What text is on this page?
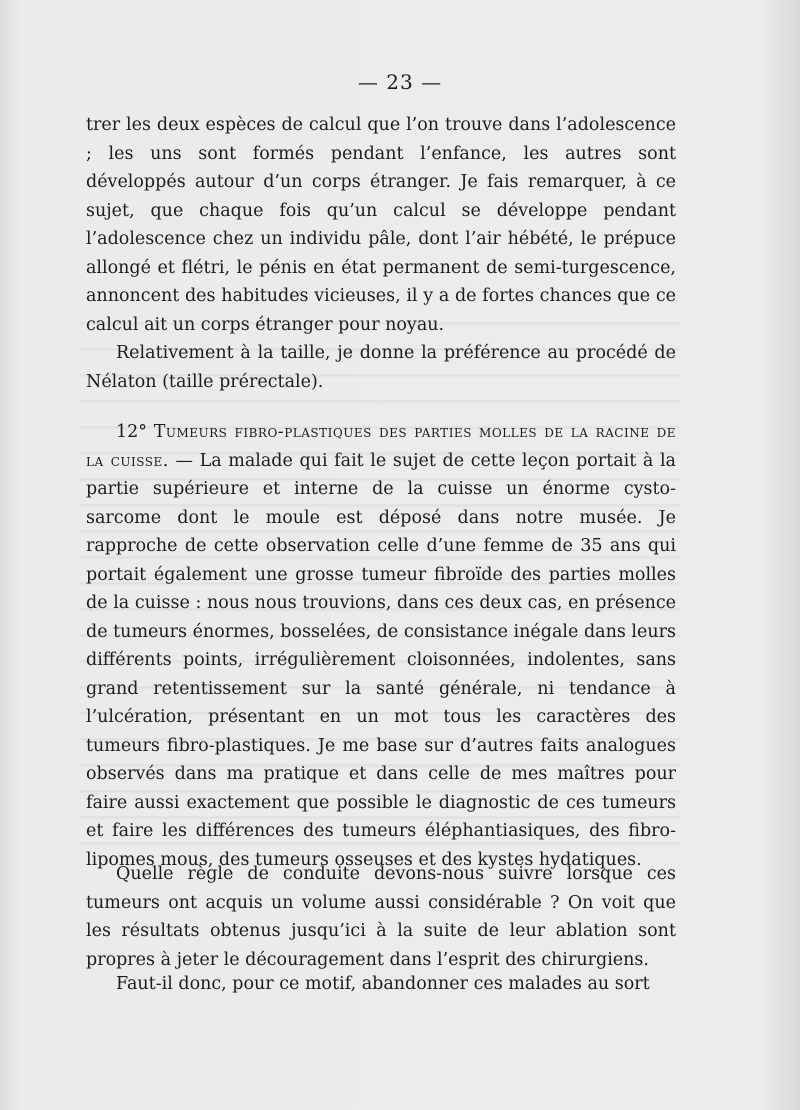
— 23 —

trer les deux espèces de calcul que l’on trouve dans l’adolescence ; les uns sont formés pendant l’enfance, les autres sont développés autour d’un corps étranger. Je fais remarquer, à ce sujet, que chaque fois qu’un calcul se développe pendant l’adolescence chez un individu pâle, dont l’air hébété, le prépuce allongé et flétri, le pénis en état permanent de semi-turgescence, annoncent des habitudes vicieuses, il y a de fortes chances que ce calcul ait un corps étranger pour noyau.

Relativement à la taille, je donne la préférence au procédé de Nélaton (taille prérectale).

12° Tumeurs fibro-plastiques des parties molles de la racine de la cuisse. — La malade qui fait le sujet de cette leçon portait à la partie supérieure et interne de la cuisse un énorme cysto-sarcome dont le moule est déposé dans notre musée. Je rapproche de cette observation celle d’une femme de 35 ans qui portait également une grosse tumeur fibroïde des parties molles de la cuisse : nous nous trouvions, dans ces deux cas, en présence de tumeurs énormes, bosselées, de consistance inégale dans leurs différents points, irrégulièrement cloisonnées, indolentes, sans grand retentissement sur la santé générale, ni tendance à l’ulcération, présentant en un mot tous les caractères des tumeurs fibro-plastiques. Je me base sur d’autres faits analogues observés dans ma pratique et dans celle de mes maîtres pour faire aussi exactement que possible le diagnostic de ces tumeurs et faire les différences des tumeurs éléphantiasiques, des fibro-lipomes mous, des tumeurs osseuses et des kystes hydatiques.

Quelle règle de conduite devons-nous suivre lorsque ces tumeurs ont acquis un volume aussi considérable ? On voit que les résultats obtenus jusqu’ici à la suite de leur ablation sont propres à jeter le découragement dans l’esprit des chirurgiens.

Faut-il donc, pour ce motif, abandonner ces malades au sort
